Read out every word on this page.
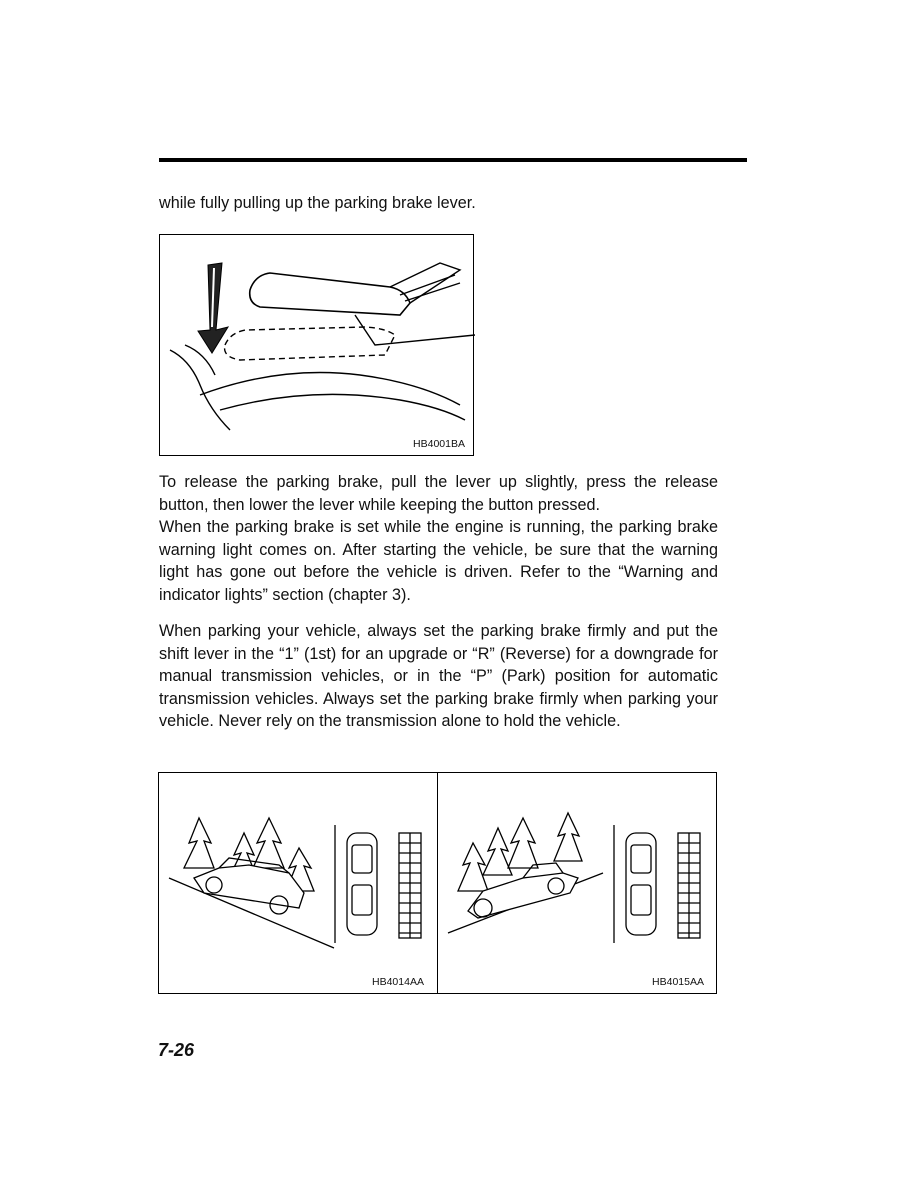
while fully pulling up the parking brake lever.

HB4001BA

To release the parking brake, pull the lever up slightly, press the release button, then lower the lever while keeping the button pressed.
When the parking brake is set while the engine is running, the parking brake warning light comes on. After starting the vehicle, be sure that the warning light has gone out before the vehicle is driven. Refer to the “Warning and indicator lights” section (chapter 3).

When parking your vehicle, always set the parking brake firmly and put the shift lever in the “1” (1st) for an upgrade or “R” (Reverse) for a downgrade for manual transmission vehicles, or in the “P” (Park) position for automatic transmission vehicles. Always set the parking brake firmly when parking your vehicle. Never rely on the transmission alone to hold the vehicle.

HB4014AA	HB4015AA
7-26
